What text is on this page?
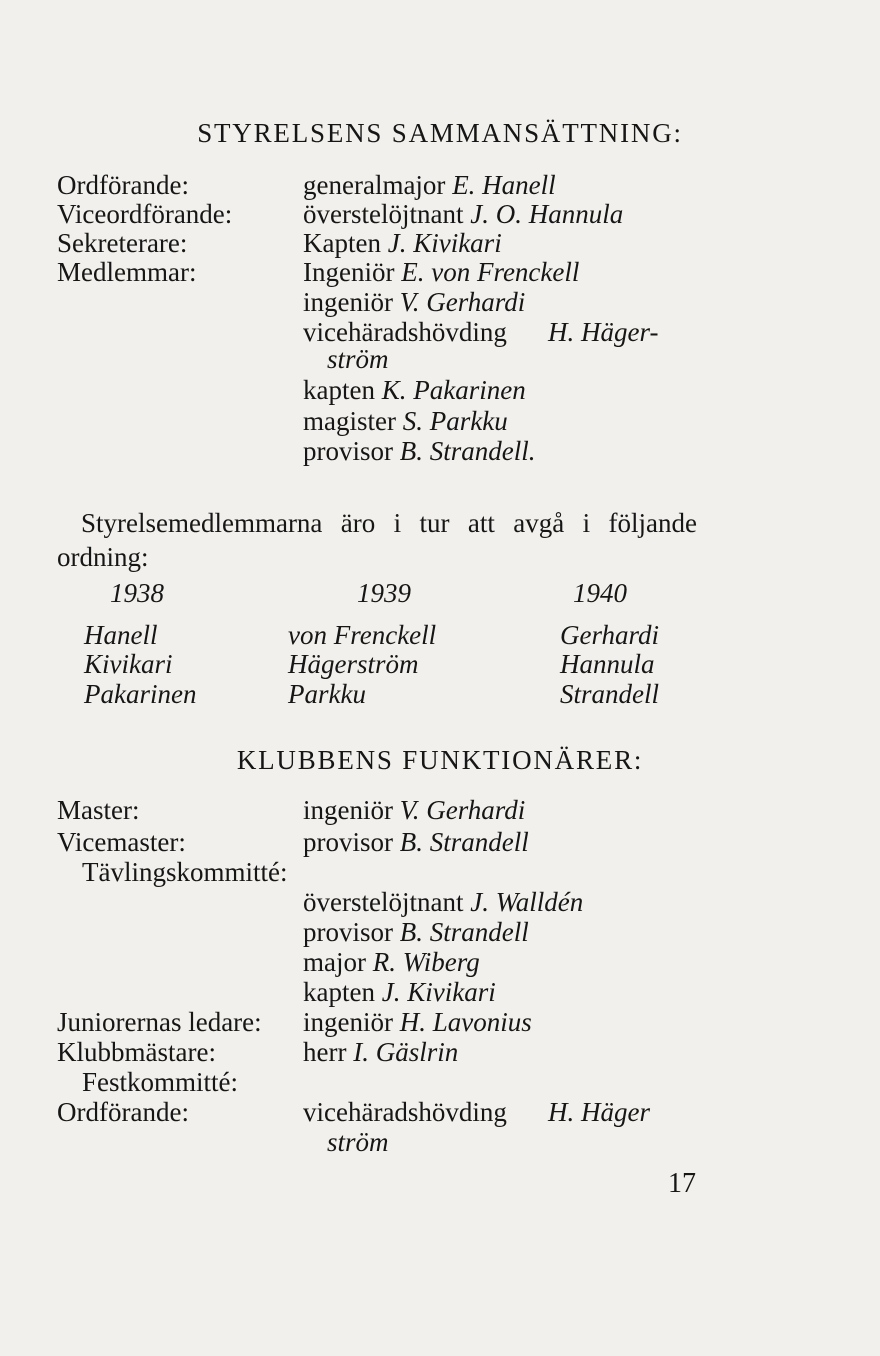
STYRELSENS SAMMANSÄTTNING:
Ordförande:	generalmajor E. Hanell
Viceordförande:	överstelöjtnant J. O. Hannula
Sekreterare:	Kapten J. Kivikari
Medlemmar:	Ingeniör E. von Frenckell
ingeniör V. Gerhardi
vicehäradshövding H. Häger-
ström
kapten K. Pakarinen
magister S. Parkku
provisor B. Strandell.
Styrelsemedlemmarna äro i tur att avgå i följande
ordning:
1938	1939	1940
Hanell	von Frenckell	Gerhardi
Kivikari	Hägerström	Hannula
Pakarinen	Parkku	Strandell
KLUBBENS FUNKTIONÄRER:
Master:	ingeniör V. Gerhardi
Vicemaster:	provisor B. Strandell
Tävlingskommitté:
överstelöjtnant J. Walldén
provisor B. Strandell
major R. Wiberg
kapten J. Kivikari
Juniorernas ledare: ingeniör H. Lavonius
Klubbmästare:	herr I. Gäslrin
Festkommitté:
Ordförande:	vicehäradshövding H. Häger
ström
17
